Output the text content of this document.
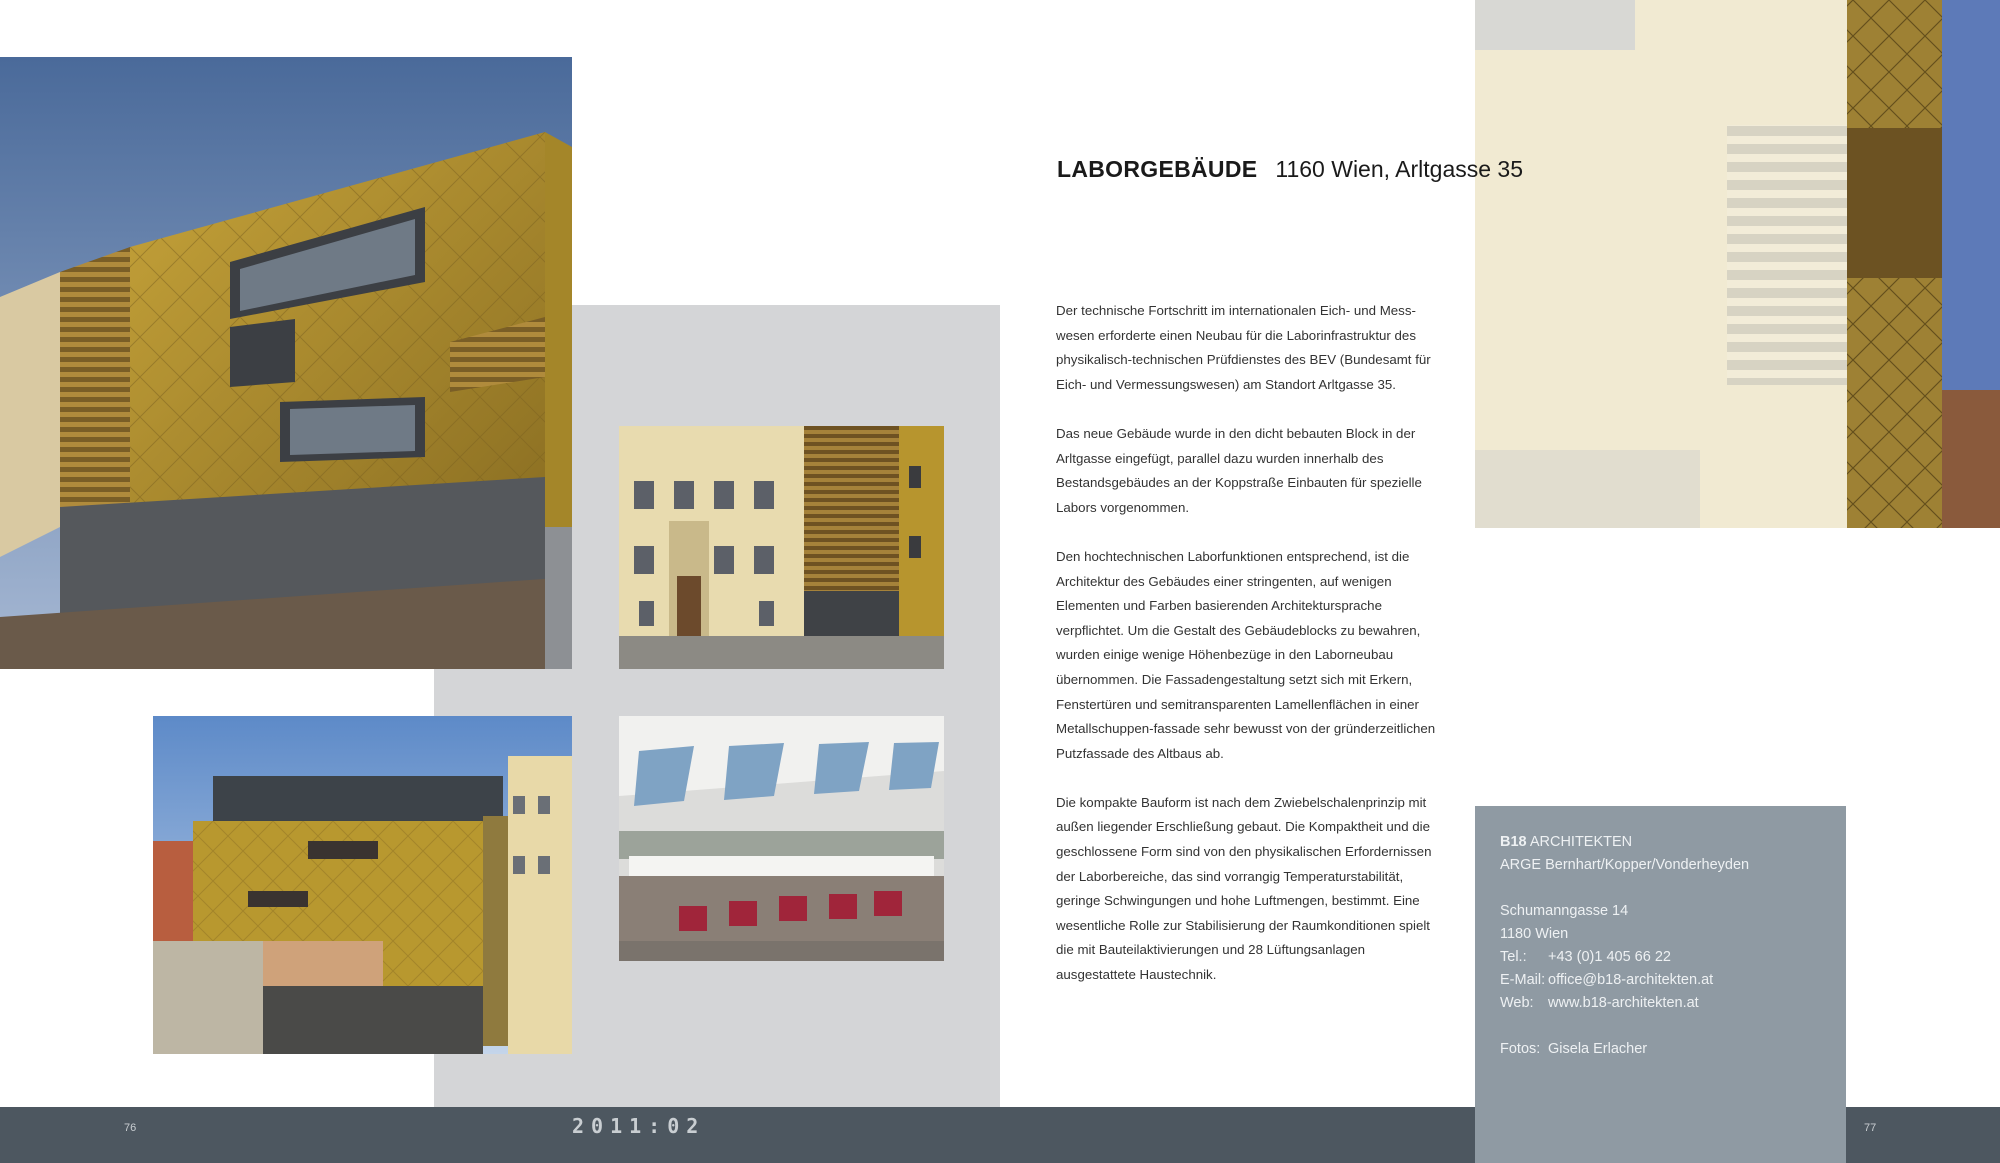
LABORGEBÄUDE 1160 Wien, Arltgasse 35

Der technische Fortschritt im internationalen Eich- und Mess-wesen erforderte einen Neubau für die Laborinfrastruktur des physikalisch-technischen Prüfdienstes des BEV (Bundesamt für Eich- und Vermessungswesen) am Standort Arltgasse 35.

Das neue Gebäude wurde in den dicht bebauten Block in der Arltgasse eingefügt, parallel dazu wurden innerhalb des Bestandsgebäudes an der Koppstraße Einbauten für spezielle Labors vorgenommen.

Den hochtechnischen Laborfunktionen entsprechend, ist die Architektur des Gebäudes einer stringenten, auf wenigen Elementen und Farben basierenden Architektursprache verpflichtet. Um die Gestalt des Gebäudeblocks zu bewahren, wurden einige wenige Höhenbezüge in den Laborneubau übernommen. Die Fassadengestaltung setzt sich mit Erkern, Fenstertüren und semitransparenten Lamellenflächen in einer Metallschuppen-fassade sehr bewusst von der gründerzeitlichen Putzfassade des Altbaus ab.

Die kompakte Bauform ist nach dem Zwiebelschalenprinzip mit außen liegender Erschließung gebaut. Die Kompaktheit und die geschlossene Form sind von den physikalischen Erfordernissen der Laborbereiche, das sind vorrangig Temperaturstabilität, geringe Schwingungen und hohe Luftmengen, bestimmt. Eine wesentliche Rolle zur Stabilisierung der Raumkonditionen spielt die mit Bauteilaktivierungen und 28 Lüftungsanlagen ausgestattete Haustechnik.

B18 ARCHITEKTEN
ARGE Bernhart/Kopper/Vonderheyden
Schumanngasse 14
1180 Wien
Tel.: +43 (0)1 405 66 22
E-Mail: office@b18-architekten.at
Web: www.b18-architekten.at
Fotos: Gisela Erlacher
76	2011:02	77
